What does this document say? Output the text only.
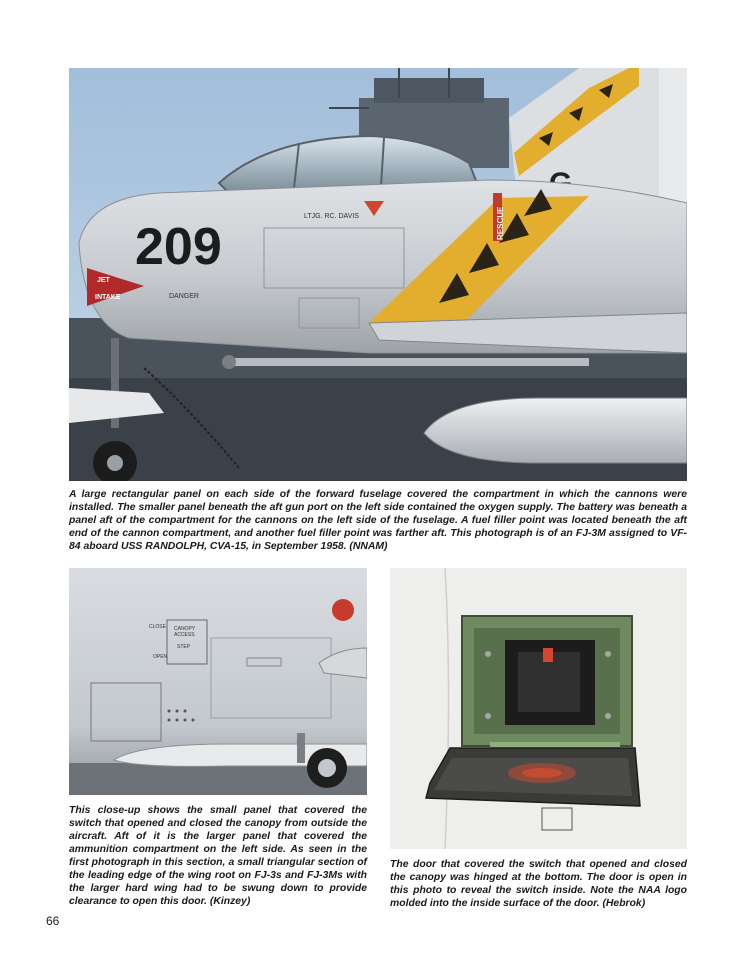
RESCUE
209
LTJG. RC. DAVIS
JET
INTAKE	DANGER

A large rectangular panel on each side of the forward fuselage covered the compartment in which the cannons were installed. The smaller panel beneath the aft gun port on the left side contained the oxygen supply. The battery was beneath a panel aft of the compartment for the cannons on the left side of the fuselage. A fuel filler point was located beneath the aft end of the cannon compartment, and another fuel filler point was farther aft. This photograph is of an FJ-3M assigned to VF-84 aboard USS RANDOLPH, CVA-15, in September 1958. (NNAM)

CLOSE CANOPY
ACCESS
STEP
OPEN

This close-up shows the small panel that covered the switch that opened and closed the canopy from outside the aircraft. Aft of it is the larger panel that covered the ammunition compartment on the left side. As seen in the first photograph in this section, a small triangular section of the leading edge of the wing root on FJ-3s and FJ-3Ms with the larger hard wing had to be swung down to provide clearance to open this door. (Kinzey)

The door that covered the switch that opened and closed the canopy was hinged at the bottom. The door is open in this photo to reveal the switch inside. Note the NAA logo molded into the inside surface of the door. (Hebrok)

66
